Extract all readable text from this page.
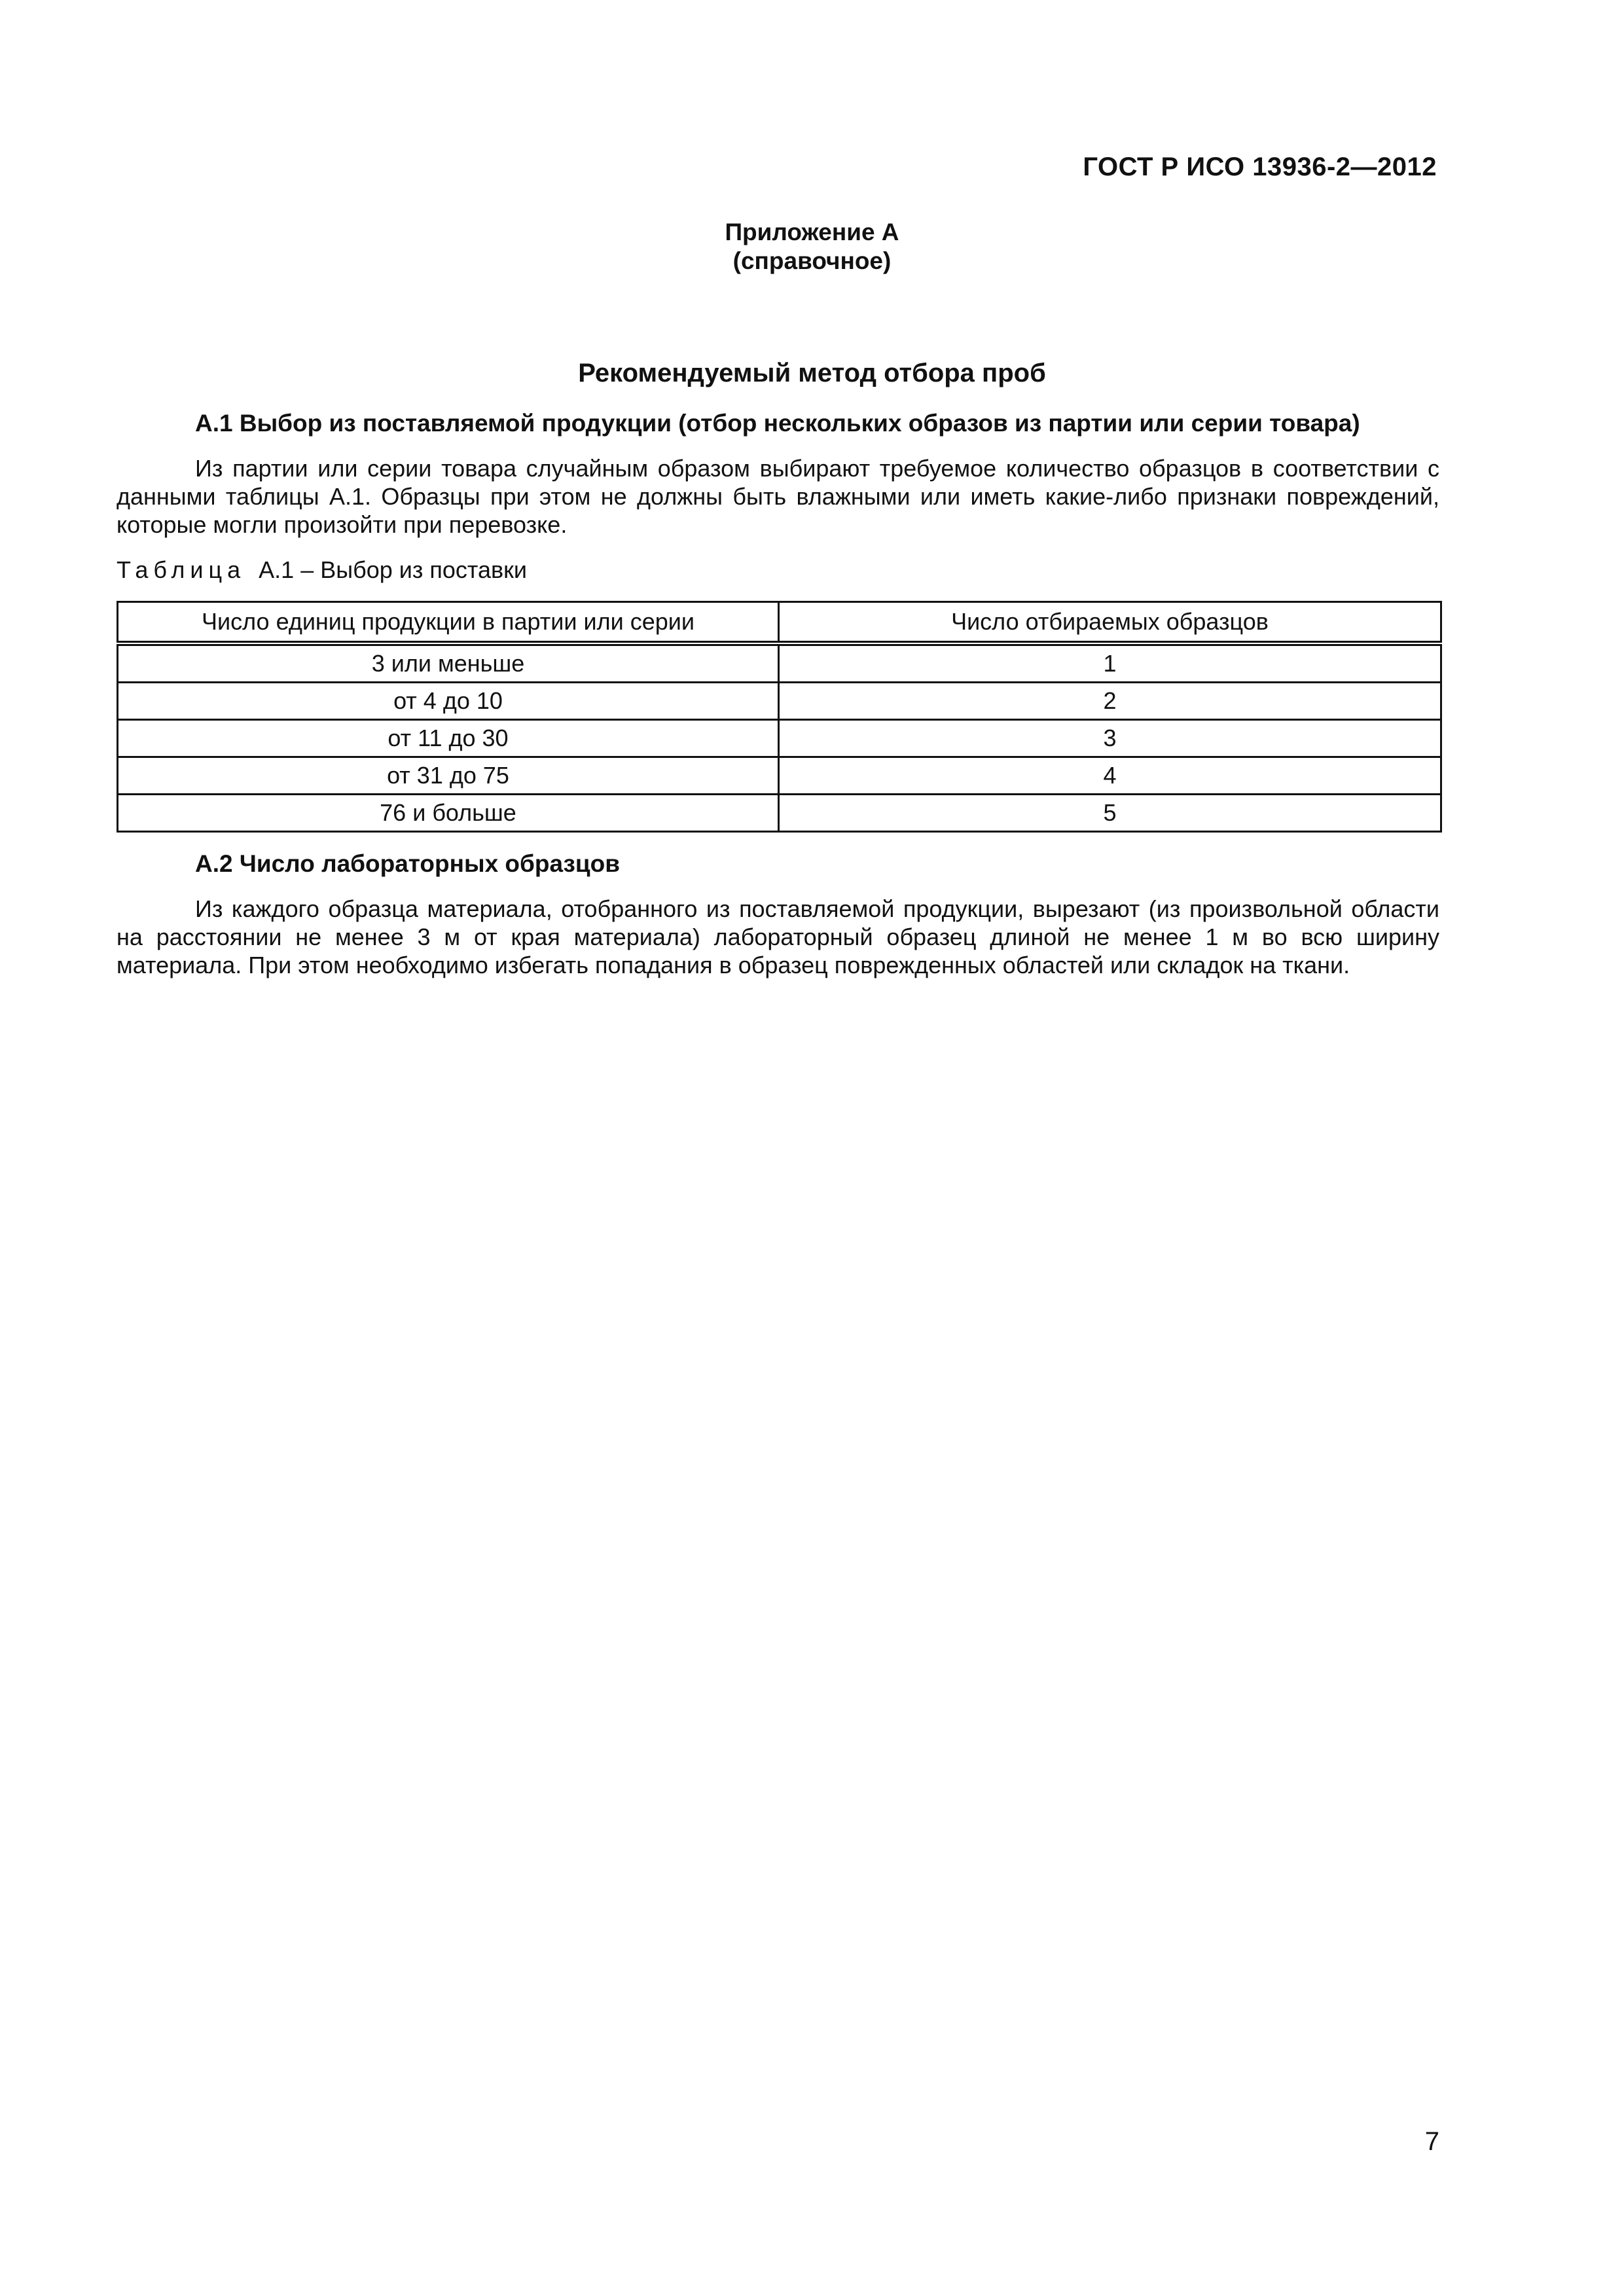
ГОСТ Р ИСО 13936-2—2012
Приложение А
(справочное)
Рекомендуемый метод отбора проб
А.1 Выбор из поставляемой продукции (отбор нескольких образов из партии или серии товара)
Из партии или серии товара случайным образом выбирают требуемое количество образцов в соответствии с данными таблицы А.1. Образцы при этом не должны быть влажными или иметь какие-либо признаки повреждений, которые могли произойти при перевозке.
Таблица А.1 – Выбор из поставки
Число единиц продукции в партии или серии	Число отбираемых образцов
3 или меньше	1
от 4 до 10	2
от 11 до 30	3
от 31 до 75	4
76 и больше	5
А.2 Число лабораторных образцов
Из каждого образца материала, отобранного из поставляемой продукции, вырезают (из произвольной области на расстоянии не менее 3 м от края материала) лабораторный образец длиной не менее 1 м во всю ширину материала. При этом необходимо избегать попадания в образец поврежденных областей или складок на ткани.
7
